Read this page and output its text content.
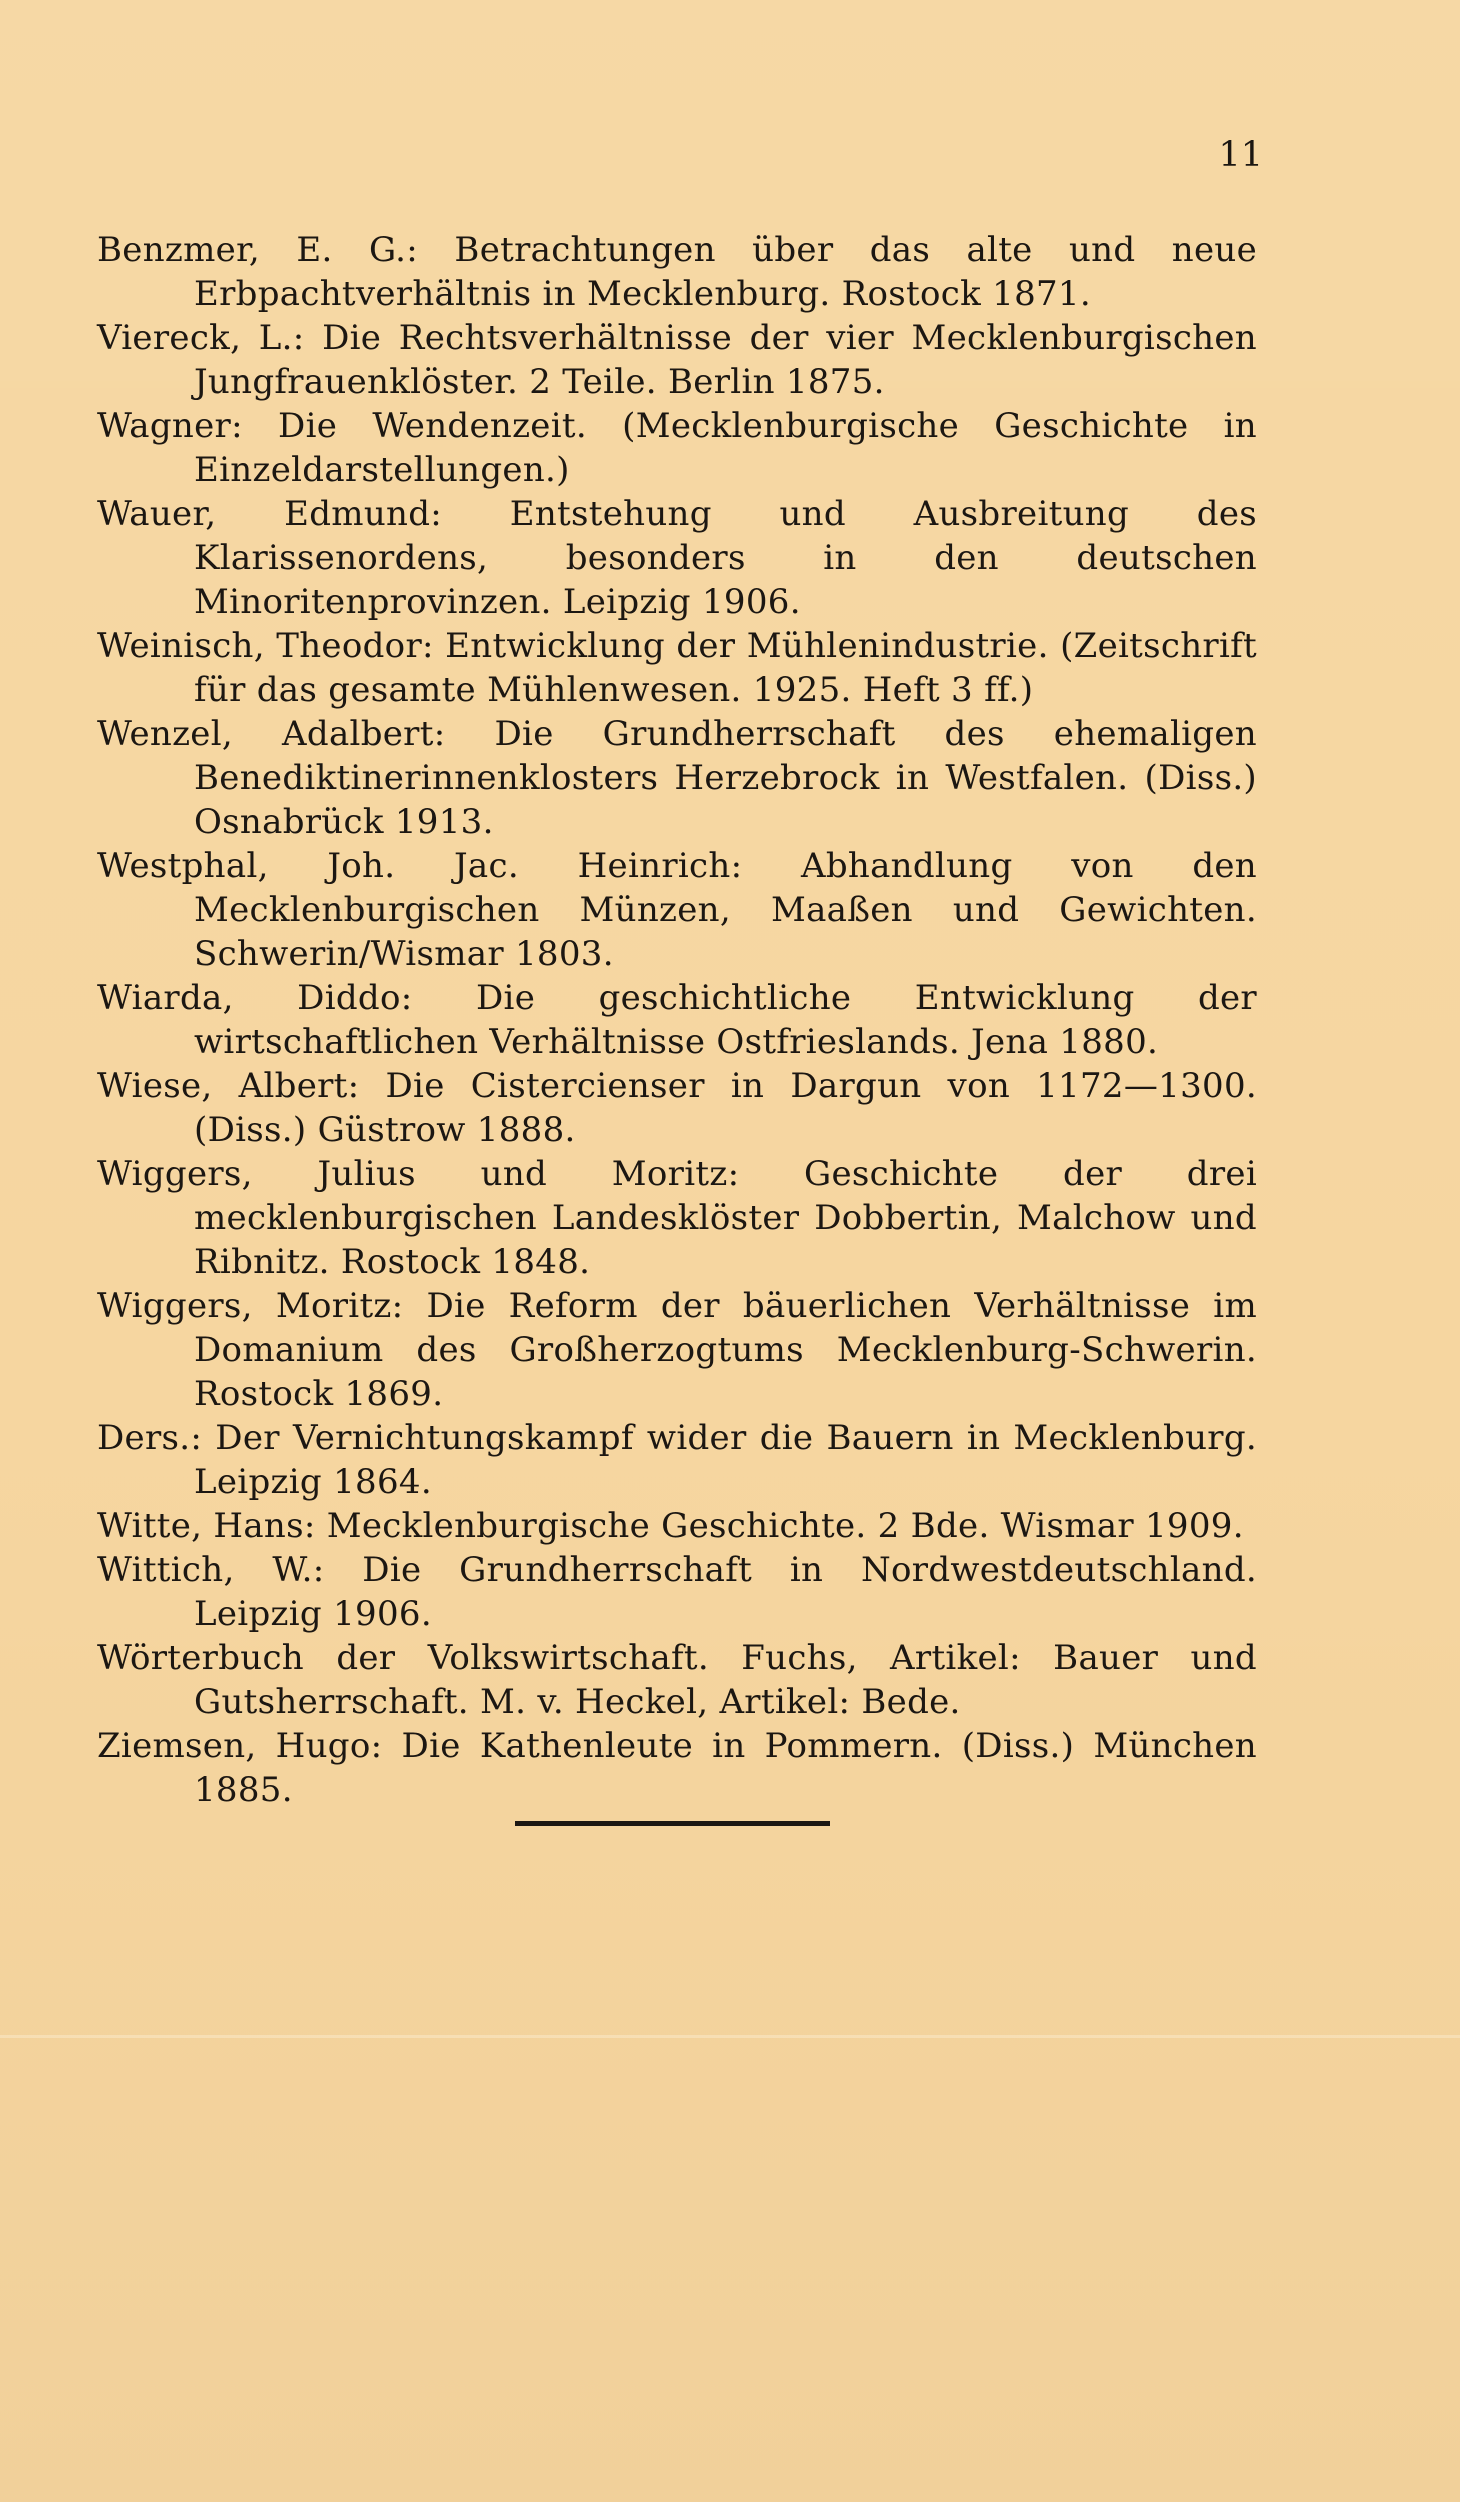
11

Benzmer, E. G.: Betrachtungen über das alte und neue Erbpachtverhältnis in Mecklenburg. Rostock 1871.

Viereck, L.: Die Rechtsverhältnisse der vier Mecklenburgischen Jungfrauenklöster. 2 Teile. Berlin 1875.

Wagner: Die Wendenzeit. (Mecklenburgische Geschichte in Einzeldarstellungen.)

Wauer, Edmund: Entstehung und Ausbreitung des Klarissenordens, besonders in den deutschen Minoritenprovinzen. Leipzig 1906.

Weinisch, Theodor: Entwicklung der Mühlenindustrie. (Zeitschrift für das gesamte Mühlenwesen. 1925. Heft 3 ff.)

Wenzel, Adalbert: Die Grundherrschaft des ehemaligen Benediktinerinnenklosters Herzebrock in Westfalen. (Diss.) Osnabrück 1913.

Westphal, Joh. Jac. Heinrich: Abhandlung von den Mecklenburgischen Münzen, Maaßen und Gewichten. Schwerin/Wismar 1803.

Wiarda, Diddo: Die geschichtliche Entwicklung der wirtschaftlichen Verhältnisse Ostfrieslands. Jena 1880.

Wiese, Albert: Die Cistercienser in Dargun von 1172—1300. (Diss.) Güstrow 1888.

Wiggers, Julius und Moritz: Geschichte der drei mecklenburgischen Landesklöster Dobbertin, Malchow und Ribnitz. Rostock 1848.

Wiggers, Moritz: Die Reform der bäuerlichen Verhältnisse im Domanium des Großherzogtums Mecklenburg-Schwerin. Rostock 1869.

Ders.: Der Vernichtungskampf wider die Bauern in Mecklenburg. Leipzig 1864.

Witte, Hans: Mecklenburgische Geschichte. 2 Bde. Wismar 1909.

Wittich, W.: Die Grundherrschaft in Nordwestdeutschland. Leipzig 1906.

Wörterbuch der Volkswirtschaft. Fuchs, Artikel: Bauer und Gutsherrschaft. M. v. Heckel, Artikel: Bede.

Ziemsen, Hugo: Die Kathenleute in Pommern. (Diss.) München 1885.
